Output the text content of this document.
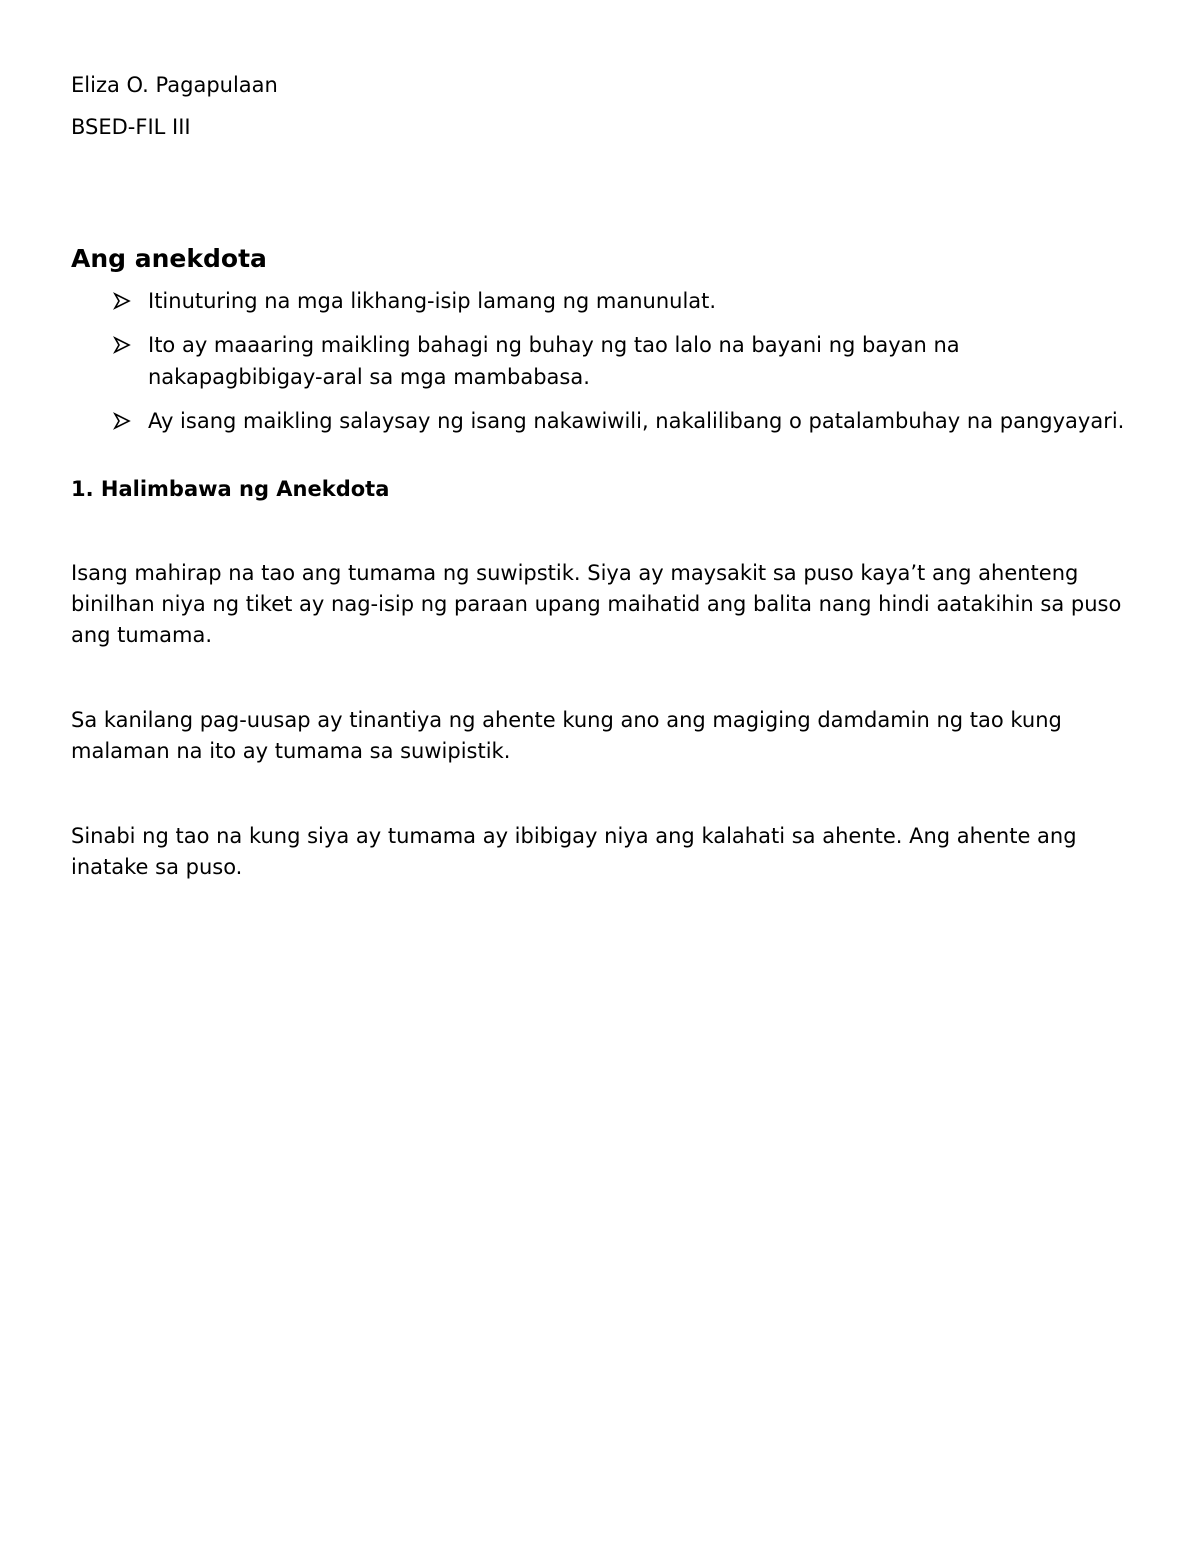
Eliza O. Pagapulaan

BSED-FIL III

Ang anekdota
Itinuturing na mga likhang-isip lamang ng manunulat.
Ito ay maaaring maikling bahagi ng buhay ng tao lalo na bayani ng bayan na nakapagbibigay-aral sa mga mambabasa.
Ay isang maikling salaysay ng isang nakawiwili, nakalilibang o patalambuhay na pangyayari.
1. Halimbawa ng Anekdota

Isang mahirap na tao ang tumama ng suwipstik. Siya ay maysakit sa puso kaya’t ang ahenteng binilhan niya ng tiket ay nag-isip ng paraan upang maihatid ang balita nang hindi aatakihin sa puso ang tumama.

Sa kanilang pag-uusap ay tinantiya ng ahente kung ano ang magiging damdamin ng tao kung malaman na ito ay tumama sa suwipistik.

Sinabi ng tao na kung siya ay tumama ay ibibigay niya ang kalahati sa ahente. Ang ahente ang inatake sa puso.
